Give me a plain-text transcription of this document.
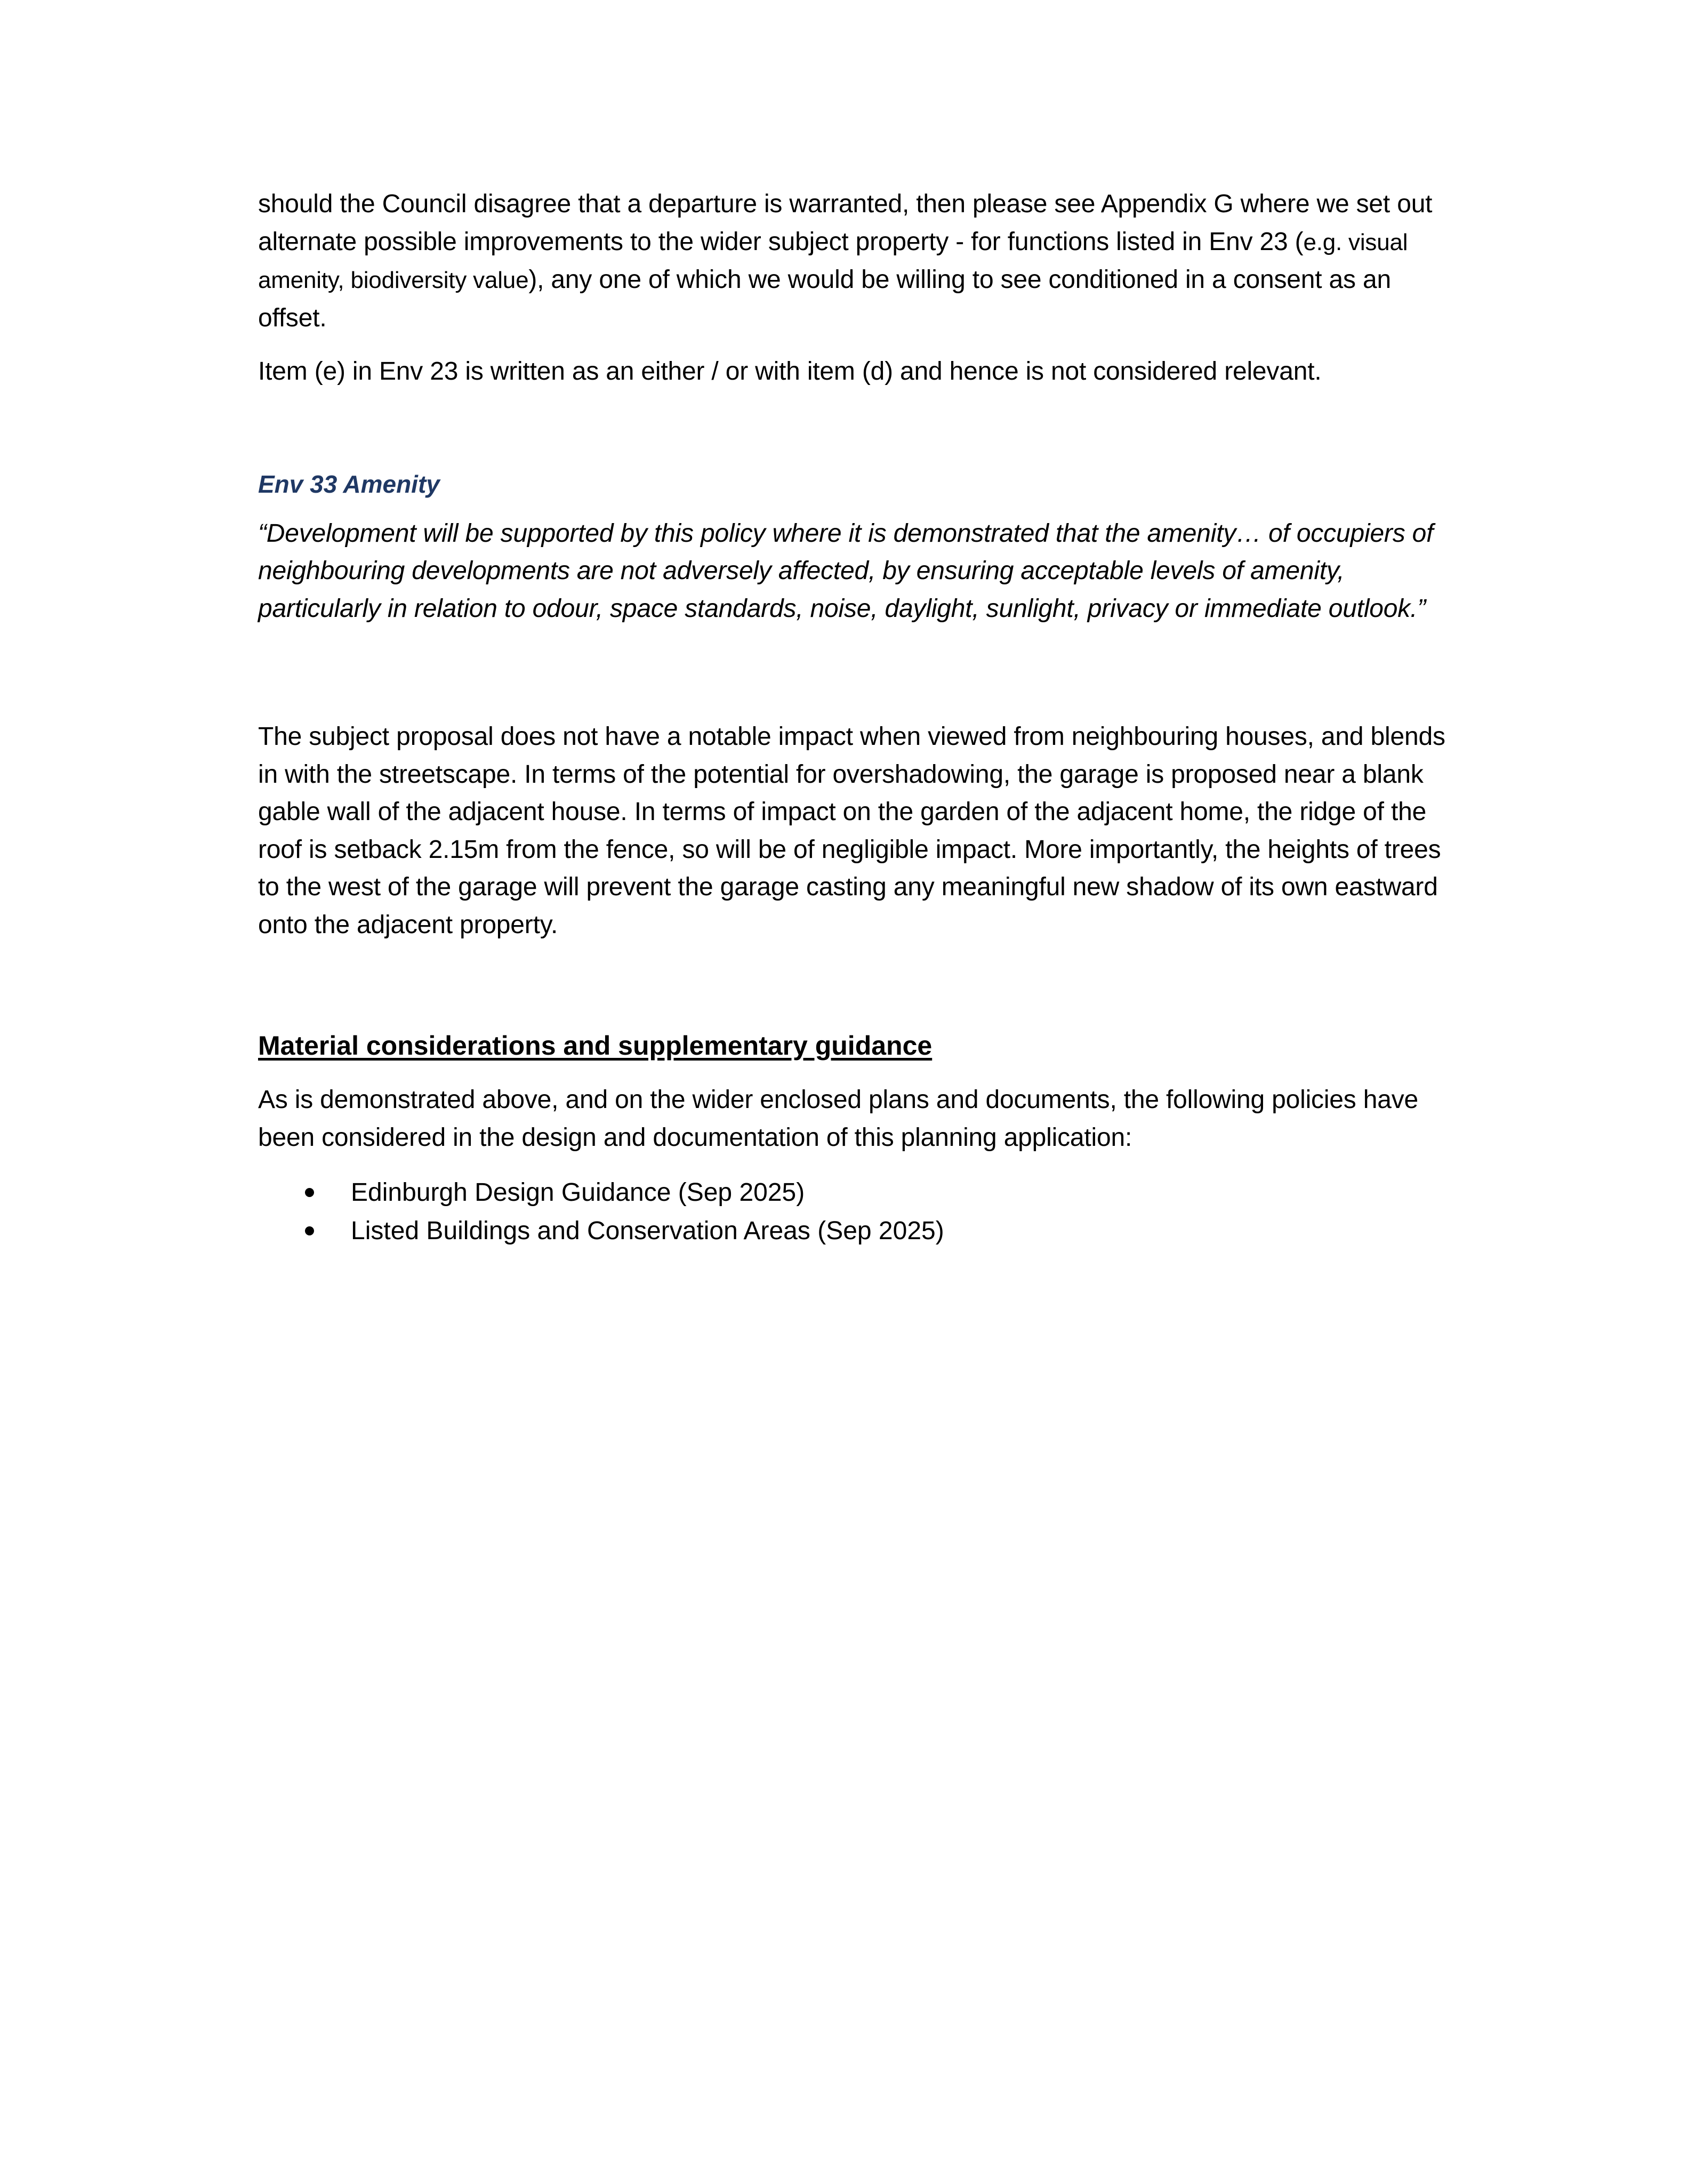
should the Council disagree that a departure is warranted, then please see Appendix G where we set out alternate possible improvements to the wider subject property - for functions listed in Env 23 (e.g. visual amenity, biodiversity value), any one of which we would be willing to see conditioned in a consent as an offset.

Item (e) in Env 23 is written as an either / or with item (d) and hence is not considered relevant.

Env 33 Amenity

“Development will be supported by this policy where it is demonstrated that the amenity… of occupiers of neighbouring developments are not adversely affected, by ensuring acceptable levels of amenity, particularly in relation to odour, space standards, noise, daylight, sunlight, privacy or immediate outlook.”

The subject proposal does not have a notable impact when viewed from neighbouring houses, and blends in with the streetscape. In terms of the potential for overshadowing, the garage is proposed near a blank gable wall of the adjacent house. In terms of impact on the garden of the adjacent home, the ridge of the roof is setback 2.15m from the fence, so will be of negligible impact. More importantly, the heights of trees to the west of the garage will prevent the garage casting any meaningful new shadow of its own eastward onto the adjacent property.

Material considerations and supplementary guidance

As is demonstrated above, and on the wider enclosed plans and documents, the following policies have been considered in the design and documentation of this planning application:

Edinburgh Design Guidance (Sep 2025)
Listed Buildings and Conservation Areas (Sep 2025)
